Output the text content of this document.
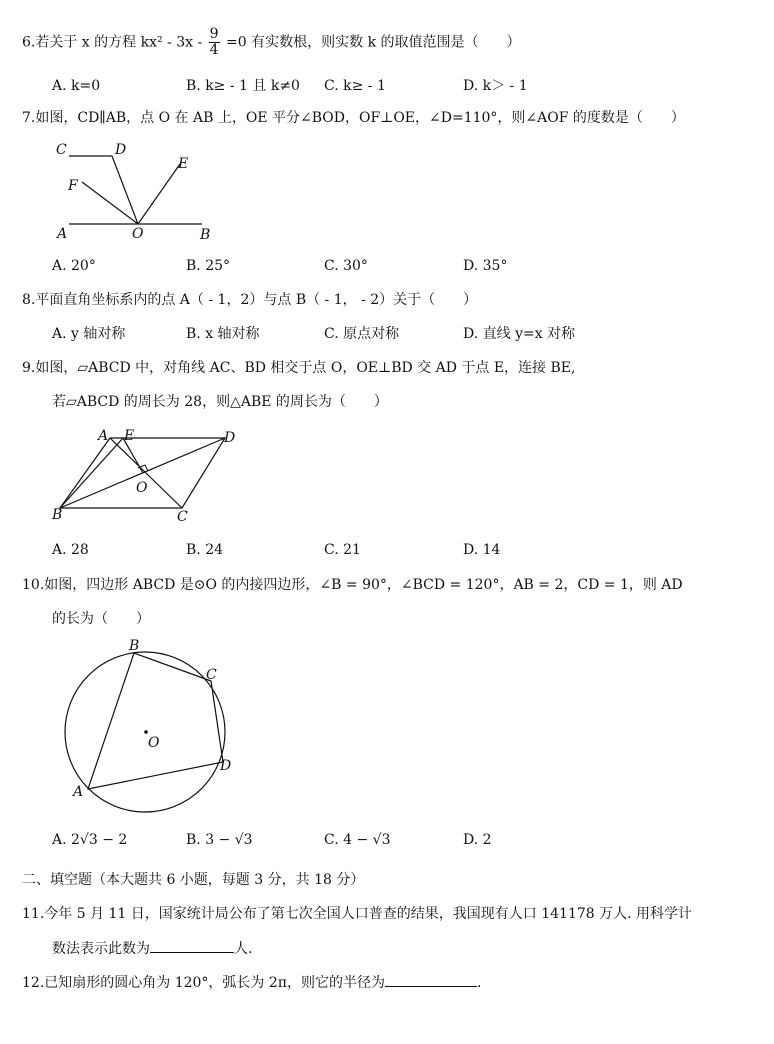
6.若关于 x 的方程 $kx^2 - 3x - \frac{9}{4} =0$ 有实数根，则实数 k 的取值范围是（　　）
A. k=0	B. k≥ - 1 且 k≠0 C. k≥ - 1	D. k＞ - 1
7.如图，CD∥AB，点 O 在 AB 上，OE 平分∠BOD，OF⊥OE，∠D=110°，则∠AOF 的度数是（　　）
C	D
E
F
A	O	B
A. 20°	B. 25°	C. 30°	D. 35°
8.平面直角坐标系内的点 A（ - 1，2）与点 B（ - 1， - 2）关于（　　）
A. y 轴对称	B. x 轴对称	C. 原点对称	D. 直线 y=x 对称
9.如图，▱ABCD 中，对角线 AC、BD 相交于点 O，OE⊥BD 交 AD 于点 E，连接 BE,
若▱ABCD 的周长为 28，则△ABE 的周长为（　　）
A E	D
O
B	C
A. 28	B. 24	C. 21	D. 14
10.如图，四边形 ABCD 是⊙O 的内接四边形，∠B = 90°，∠BCD = 120°，AB = 2，CD = 1，则 AD
的长为（　　）
A
B
C
D
O
A. 2√3 − 2	B. 3 − √3	C. 4 − √3	D. 2
二、填空题（本大题共 6 小题，每题 3 分，共 18 分）
11.今年 5 月 11 日，国家统计局公布了第七次全国人口普查的结果，我国现有人口 141178 万人. 用科学计
数法表示此数为	人.
12.已知扇形的圆心角为 120°，弧长为 2π，则它的半径为	.
